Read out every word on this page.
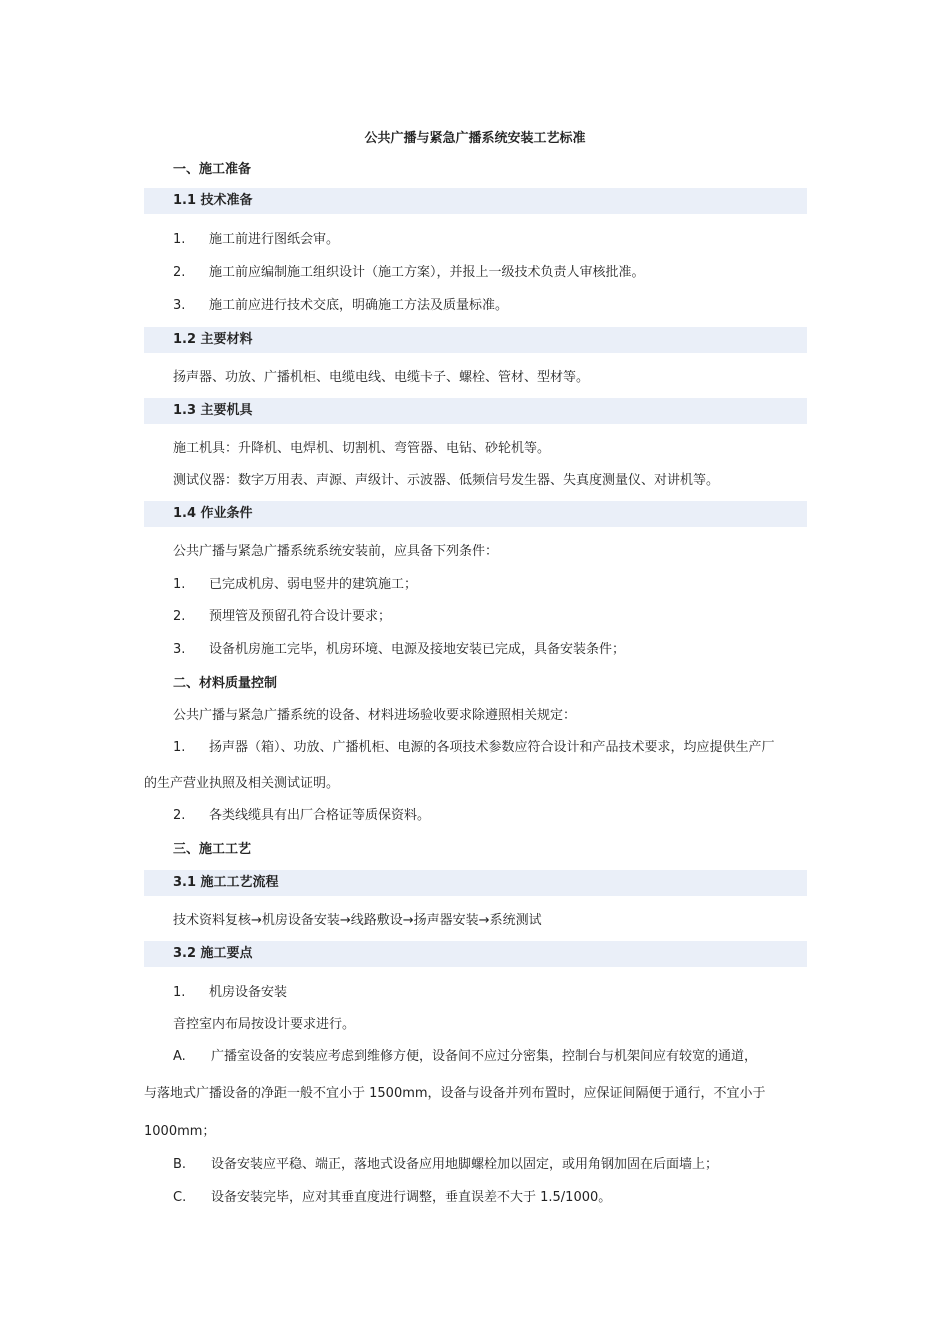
公共广播与紧急广播系统安装工艺标准
一、施工准备
1.1 技术准备
1. 施工前进行图纸会审。
2. 施工前应编制施工组织设计（施工方案），并报上一级技术负责人审核批准。
3. 施工前应进行技术交底，明确施工方法及质量标准。
1.2 主要材料
扬声器、功放、广播机柜、电缆电线、电缆卡子、螺栓、管材、型材等。
1.3 主要机具
施工机具：升降机、电焊机、切割机、弯管器、电钻、砂轮机等。
测试仪器：数字万用表、声源、声级计、示波器、低频信号发生器、失真度测量仪、对讲机等。
1.4 作业条件
公共广播与紧急广播系统系统安装前，应具备下列条件：
1. 已完成机房、弱电竖井的建筑施工；
2. 预埋管及预留孔符合设计要求；
3. 设备机房施工完毕，机房环境、电源及接地安装已完成，具备安装条件；
二、材料质量控制
公共广播与紧急广播系统的设备、材料进场验收要求除遵照相关规定：
1. 扬声器（箱）、功放、广播机柜、电源的各项技术参数应符合设计和产品技术要求，均应提供生产厂
的生产营业执照及相关测试证明。
2. 各类线缆具有出厂合格证等质保资料。
三、施工工艺
3.1 施工工艺流程
技术资料复核→机房设备安装→线路敷设→扬声器安装→系统测试
3.2 施工要点
1. 机房设备安装
音控室内布局按设计要求进行。
A. 广播室设备的安装应考虑到维修方便，设备间不应过分密集，控制台与机架间应有较宽的通道，
与落地式广播设备的净距一般不宜小于 1500mm，设备与设备并列布置时，应保证间隔便于通行，不宜小于
1000mm；
B. 设备安装应平稳、端正，落地式设备应用地脚螺栓加以固定，或用角钢加固在后面墙上；
C. 设备安装完毕，应对其垂直度进行调整，垂直误差不大于 1.5/1000。
